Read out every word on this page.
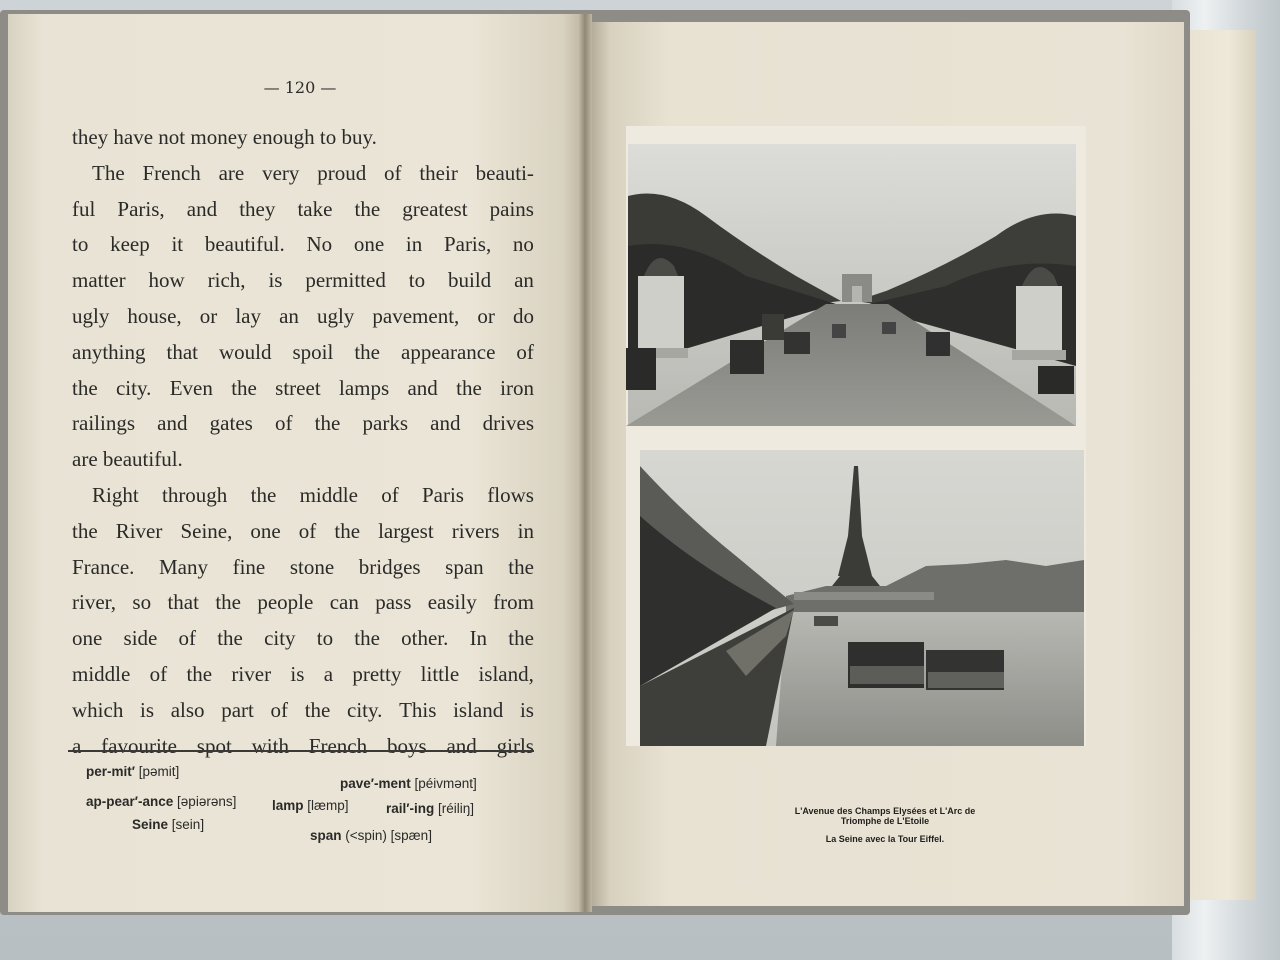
— 120 —
they have not money enough to buy.
The French are very proud of their beauti-
ful Paris, and they take the greatest pains
to keep it beautiful. No one in Paris, no
matter how rich, is permitted to build an
ugly house, or lay an ugly pavement, or do
anything that would spoil the appearance of
the city. Even the street lamps and the iron
railings and gates of the parks and drives
are beautiful.
Right through the middle of Paris flows
the River Seine, one of the largest rivers in
France. Many fine stone bridges span the
river, so that the people can pass easily from
one side of the city to the other. In the
middle of the river is a pretty little island,
which is also part of the city. This island is
a favourite spot with French boys and girls
per-mit′ [pəmit]
pave′-ment [péivmənt]
ap-pear′-ance [əpiərəns]	lamp [læmp]	rail′-ing [réiliŋ]
Seine [sein]
span (<spin) [spæn]
L'Avenue des Champs Elysées et L'Arc de
Triomphe de L'Etoile
La Seine avec la Tour Eiffel.
